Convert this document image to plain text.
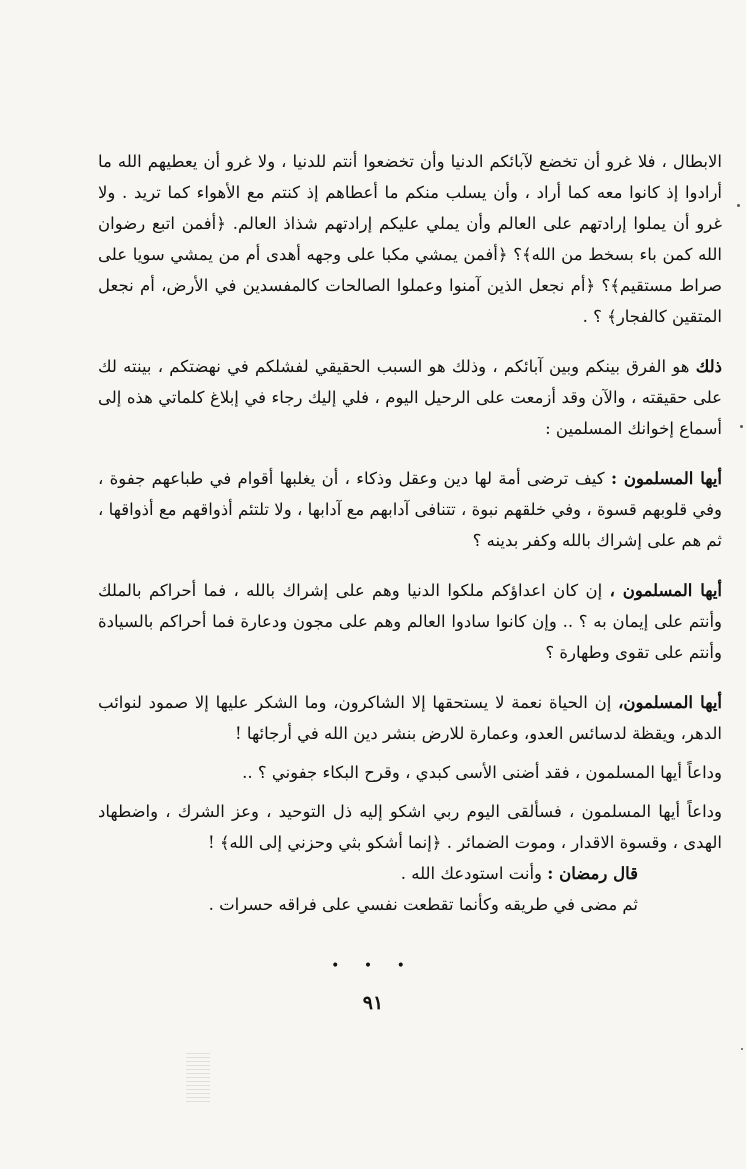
الابطال ، فلا غرو أن تخضع لآبائكم الدنيا وأن تخضعوا أنتم للدنيا ، ولا غرو أن يعطيهم الله ما أرادوا إذ كانوا معه كما أراد ، وأن يسلب منكم ما أعطاهم إذ كنتم مع الأهواء كما تريد . ولا غرو أن يملوا إرادتهم على العالم وأن يملي عليكم إرادتهم شذاذ العالم. ﴿أفمن اتبع رضوان الله كمن باء بسخط من الله﴾؟ ﴿أفمن يمشي مكبا على وجهه أهدى أم من يمشي سويا على صراط مستقيم﴾؟ ﴿أم نجعل الذين آمنوا وعملوا الصالحات كالمفسدين في الأرض، أم نجعل المتقين كالفجار﴾ ؟ .

ذلك هو الفرق بينكم وبين آبائكم ، وذلك هو السبب الحقيقي لفشلكم في نهضتكم ، بينته لك على حقيقته ، والآن وقد أزمعت على الرحيل اليوم ، فلي إليك رجاء في إبلاغ كلماتي هذه إلى أسماع إخوانك المسلمين :

أيها المسلمون : كيف ترضى أمة لها دين وعقل وذكاء ، أن يغلبها أقوام في طباعهم جفوة ، وفي قلوبهم قسوة ، وفي خلقهم نبوة ، تتنافى آدابهم مع آدابها ، ولا تلتئم أذواقهم مع أذواقها ، ثم هم على إشراك بالله وكفر بدينه ؟

أيها المسلمون ، إن كان اعداؤكم ملكوا الدنيا وهم على إشراك بالله ، فما أحراكم بالملك وأنتم على إيمان به ؟ .. وإن كانوا سادوا العالم وهم على مجون ودعارة فما أحراكم بالسيادة وأنتم على تقوى وطهارة ؟

أيها المسلمون، إن الحياة نعمة لا يستحقها إلا الشاكرون، وما الشكر عليها إلا صمود لنوائب الدهر، ويقظة لدسائس العدو، وعمارة للارض بنشر دين الله في أرجائها !

وداعاً أيها المسلمون ، فقد أضنى الأسى كبدي ، وقرح البكاء جفوني ؟ ..

وداعاً أيها المسلمون ، فسألقى اليوم ربي اشكو إليه ذل التوحيد ، وعز الشرك ، واضطهاد الهدى ، وقسوة الاقدار ، وموت الضمائر . ﴿إنما أشكو بثي وحزني إلى الله﴾ !

قال رمضان : وأنت استودعك الله .

ثم مضى في طريقه وكأنما تقطعت نفسي على فراقه حسرات .

• • •
٩١
